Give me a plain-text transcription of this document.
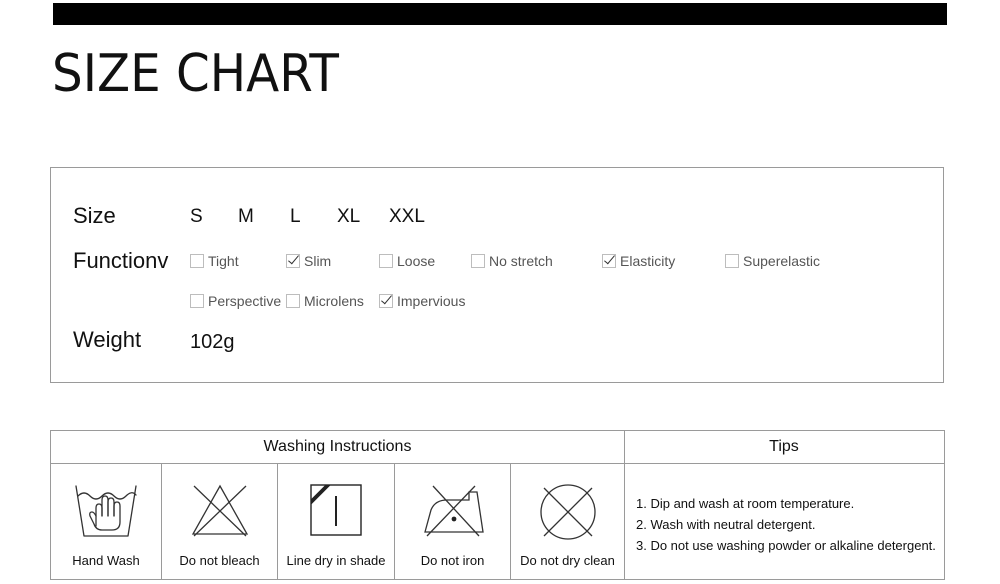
SIZE CHART
Size	S M L XL XXL
Functionv	Tight	Slim	Loose	No stretch	Elasticity	Superelastic
Perspective Microlens Impervious
Weight 102g
Washing Instructions	Tips
Hand Wash	Do not bleach	Line dry in shade	Do not iron	Do not dry clean
1. Dip and wash at room temperature.
2. Wash with neutral detergent.
3. Do not use washing powder or alkaline detergent.
